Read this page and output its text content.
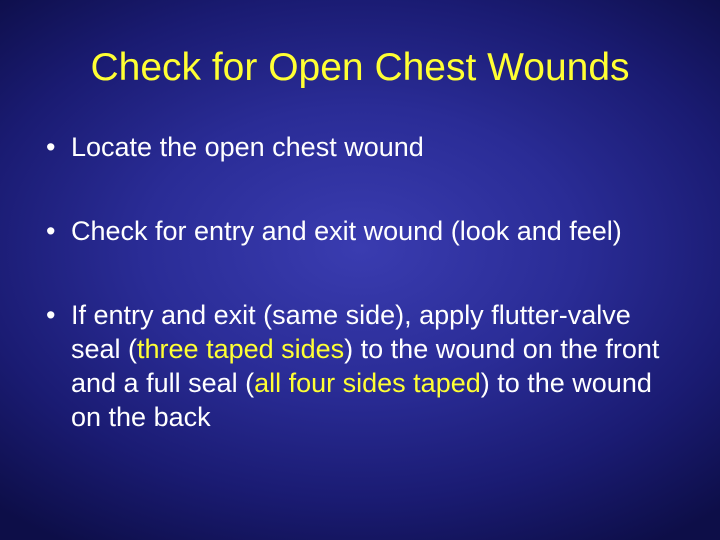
Check for Open Chest Wounds
• Locate the open chest wound
• Check for entry and exit wound (look and feel)
• If entry and exit (same side), apply flutter-valve seal (three taped sides) to the wound on the front and a full seal (all four sides taped) to the wound on the back
